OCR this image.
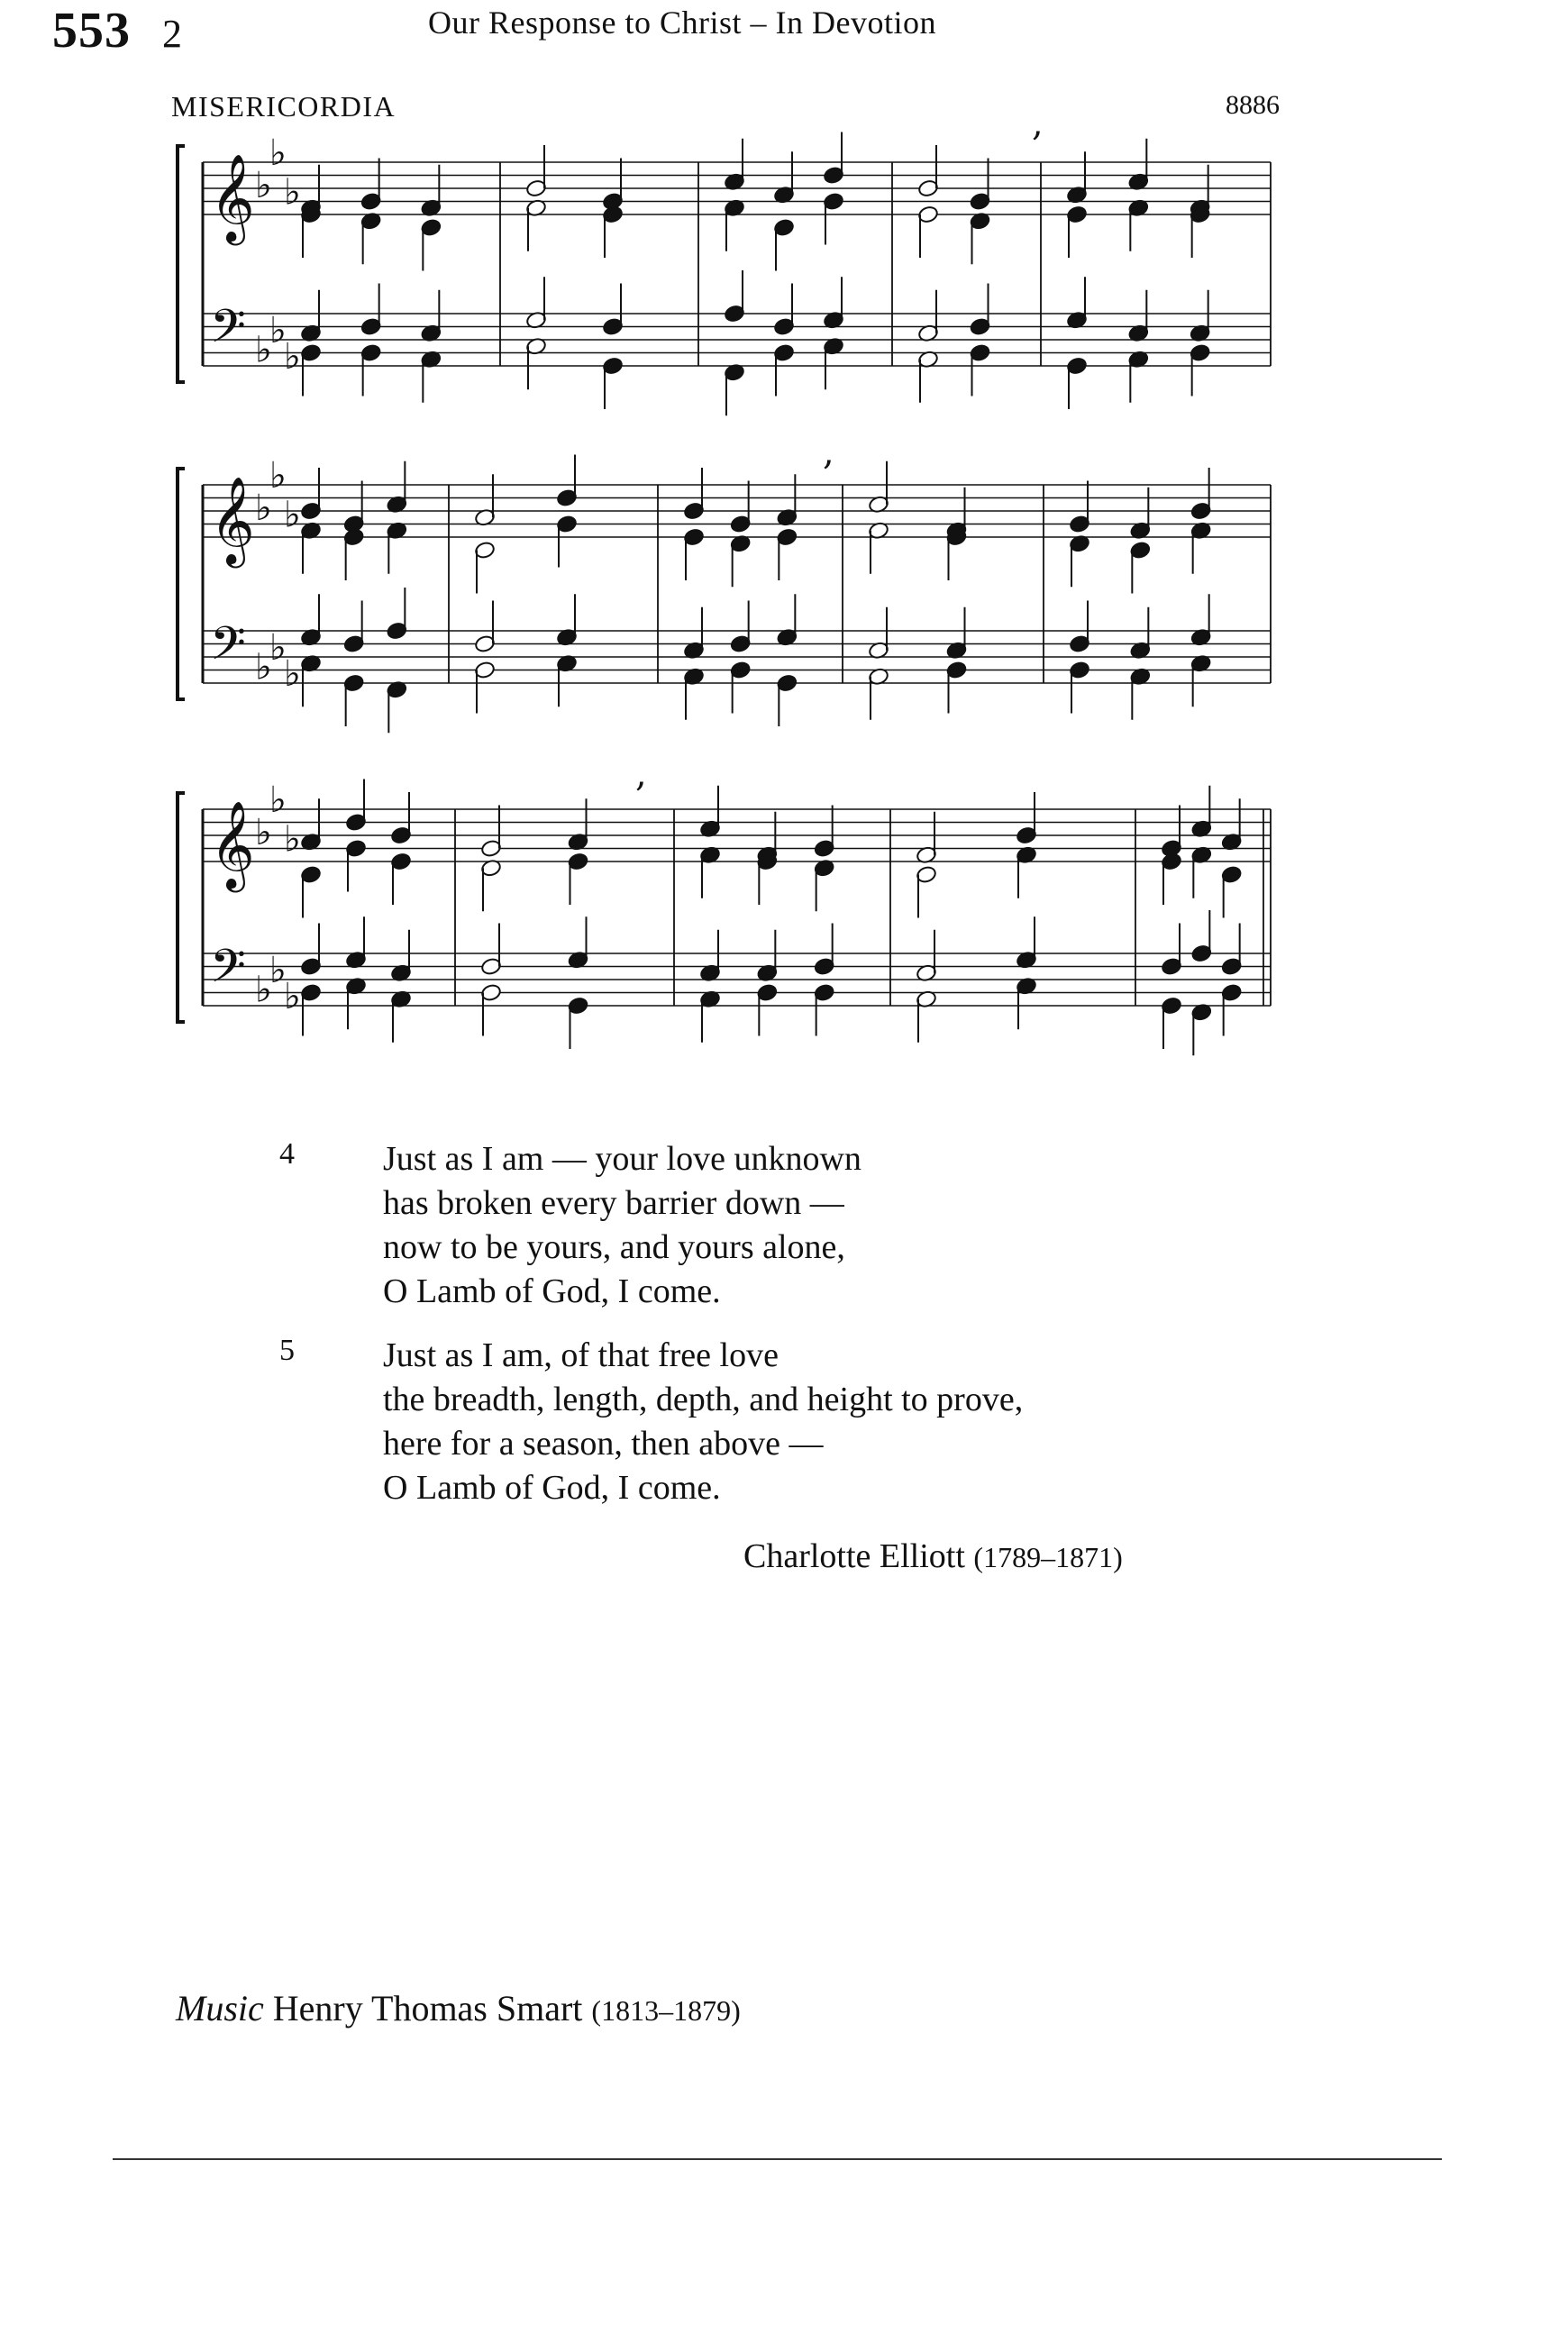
553 2	Our Response to Christ – In Devotion
MISERICORDIA	8886
𝄞 ♭
♭
♭
𝄢 ♭
♭
♭
𝄞 ♭
♭
♭
𝄢 ♭
♭
♭
𝄞 ♭
♭
♭
𝄢 ♭
♭
♭
,
,
,
4	Just as I am — your love unknown
has broken every barrier down —
now to be yours, and yours alone,
O Lamb of God, I come.
5	Just as I am, of that free love
the breadth, length, depth, and height to prove,
here for a season, then above —
O Lamb of God, I come.
Charlotte Elliott (1789–1871)
Music Henry Thomas Smart (1813–1879)
